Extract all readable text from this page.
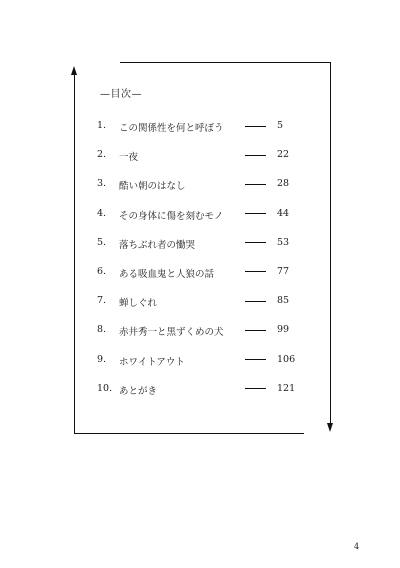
—目次—
1.	この関係性を何と呼ぼう	5
2.	一夜	22
3.	酷い朝のはなし	28
4.	その身体に傷を刻むモノ	44
5.	落ちぶれ者の慟哭	53
6.	ある吸血鬼と人狼の話	77
7.	蝉しぐれ	85
8.	赤井秀一と黒ずくめの犬	99
9.	ホワイトアウト	106
10. あとがき	121
4
